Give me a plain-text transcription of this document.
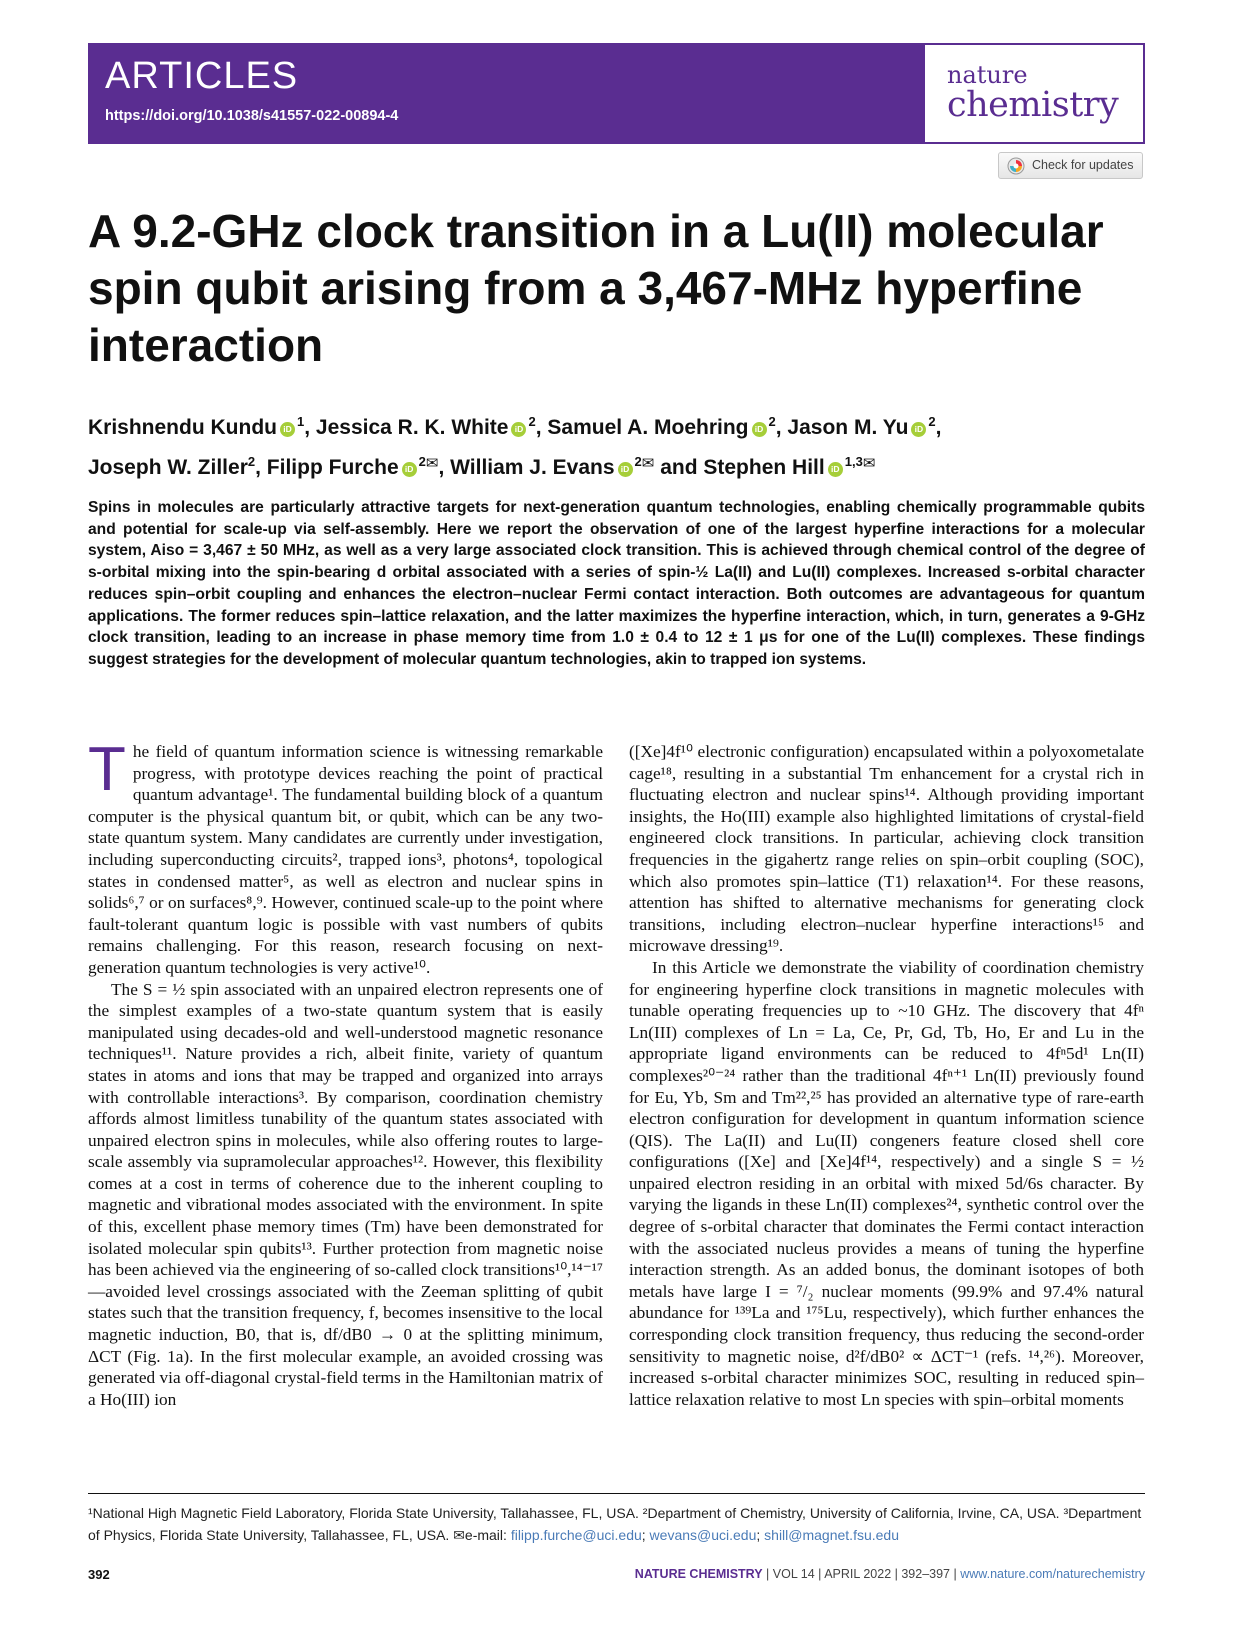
ARTICLES
https://doi.org/10.1038/s41557-022-00894-4
nature
chemistry
Check for updates
A 9.2-GHz clock transition in a Lu(II) molecular spin qubit arising from a 3,467-MHz hyperfine interaction
Krishnendu Kundu iD $^1$, Jessica R. K. White iD $^2$, Samuel A. Moehring iD $^2$, Jason M. Yu iD $^2$,
Joseph W. Ziller$^2$, Filipp Furche iD $^{2✉}$, William J. Evans iD $^{2✉}$ and Stephen Hill iD $^{1,3✉}$

Spins in molecules are particularly attractive targets for next-generation quantum technologies, enabling chemically programmable qubits and potential for scale-up via self-assembly. Here we report the observation of one of the largest hyperfine interactions for a molecular system, Aiso = 3,467 ± 50 MHz, as well as a very large associated clock transition. This is achieved through chemical control of the degree of s-orbital mixing into the spin-bearing d orbital associated with a series of spin-½ La(II) and Lu(II) complexes. Increased s-orbital character reduces spin–orbit coupling and enhances the electron–nuclear Fermi contact interaction. Both outcomes are advantageous for quantum applications. The former reduces spin–lattice relaxation, and the latter maximizes the hyperfine interaction, which, in turn, generates a 9-GHz clock transition, leading to an increase in phase memory time from 1.0 ± 0.4 to 12 ± 1 μs for one of the Lu(II) complexes. These findings suggest strategies for the development of molecular quantum technologies, akin to trapped ion systems.

The field of quantum information science is witnessing remarkable progress, with prototype devices reaching the point of practical quantum advantage¹. The fundamental building block of a quantum computer is the physical quantum bit, or qubit, which can be any two-state quantum system. Many candidates are currently under investigation, including superconducting circuits², trapped ions³, photons⁴, topological states in condensed matter⁵, as well as electron and nuclear spins in solids⁶,⁷ or on surfaces⁸,⁹. However, continued scale-up to the point where fault-tolerant quantum logic is possible with vast numbers of qubits remains challenging. For this reason, research focusing on next-generation quantum technologies is very active¹⁰.

The S = ½ spin associated with an unpaired electron represents one of the simplest examples of a two-state quantum system that is easily manipulated using decades-old and well-understood magnetic resonance techniques¹¹. Nature provides a rich, albeit finite, variety of quantum states in atoms and ions that may be trapped and organized into arrays with controllable interactions³. By comparison, coordination chemistry affords almost limitless tunability of the quantum states associated with unpaired electron spins in molecules, while also offering routes to large-scale assembly via supramolecular approaches¹². However, this flexibility comes at a cost in terms of coherence due to the inherent coupling to magnetic and vibrational modes associated with the environment. In spite of this, excellent phase memory times (Tm) have been demonstrated for isolated molecular spin qubits¹³. Further protection from magnetic noise has been achieved via the engineering of so-called clock transitions¹⁰,¹⁴⁻¹⁷—avoided level crossings associated with the Zeeman splitting of qubit states such that the transition frequency, f, becomes insensitive to the local magnetic induction, B0, that is, df/dB0 → 0 at the splitting minimum, ΔCT (Fig. 1a). In the first molecular example, an avoided crossing was generated via off-diagonal crystal-field terms in the Hamiltonian matrix of a Ho(III) ion

([Xe]4f¹⁰ electronic configuration) encapsulated within a polyoxometalate cage¹⁸, resulting in a substantial Tm enhancement for a crystal rich in fluctuating electron and nuclear spins¹⁴. Although providing important insights, the Ho(III) example also highlighted limitations of crystal-field engineered clock transitions. In particular, achieving clock transition frequencies in the gigahertz range relies on spin–orbit coupling (SOC), which also promotes spin–lattice (T1) relaxation¹⁴. For these reasons, attention has shifted to alternative mechanisms for generating clock transitions, including electron–nuclear hyperfine interactions¹⁵ and microwave dressing¹⁹.

In this Article we demonstrate the viability of coordination chemistry for engineering hyperfine clock transitions in magnetic molecules with tunable operating frequencies up to ~10 GHz. The discovery that 4fⁿ Ln(III) complexes of Ln = La, Ce, Pr, Gd, Tb, Ho, Er and Lu in the appropriate ligand environments can be reduced to 4fⁿ5d¹ Ln(II) complexes²⁰⁻²⁴ rather than the traditional 4fⁿ⁺¹ Ln(II) previously found for Eu, Yb, Sm and Tm²²,²⁵ has provided an alternative type of rare-earth electron configuration for development in quantum information science (QIS). The La(II) and Lu(II) congeners feature closed shell core configurations ([Xe] and [Xe]4f¹⁴, respectively) and a single S = ½ unpaired electron residing in an orbital with mixed 5d/6s character. By varying the ligands in these Ln(II) complexes²⁴, synthetic control over the degree of s-orbital character that dominates the Fermi contact interaction with the associated nucleus provides a means of tuning the hyperfine interaction strength. As an added bonus, the dominant isotopes of both metals have large I = ⁷/₂ nuclear moments (99.9% and 97.4% natural abundance for ¹³⁹La and ¹⁷⁵Lu, respectively), which further enhances the corresponding clock transition frequency, thus reducing the second-order sensitivity to magnetic noise, d²f/dB0² ∝ ΔCT⁻¹ (refs. ¹⁴,²⁶). Moreover, increased s-orbital character minimizes SOC, resulting in reduced spin–lattice relaxation relative to most Ln species with spin–orbital moments

¹National High Magnetic Field Laboratory, Florida State University, Tallahassee, FL, USA. ²Department of Chemistry, University of California, Irvine, CA, USA. ³Department of Physics, Florida State University, Tallahassee, FL, USA. ✉e-mail: filipp.furche@uci.edu; wevans@uci.edu; shill@magnet.fsu.edu
392	NATURE CHEMISTRY | VOL 14 | APRIL 2022 | 392–397 | www.nature.com/naturechemistry
